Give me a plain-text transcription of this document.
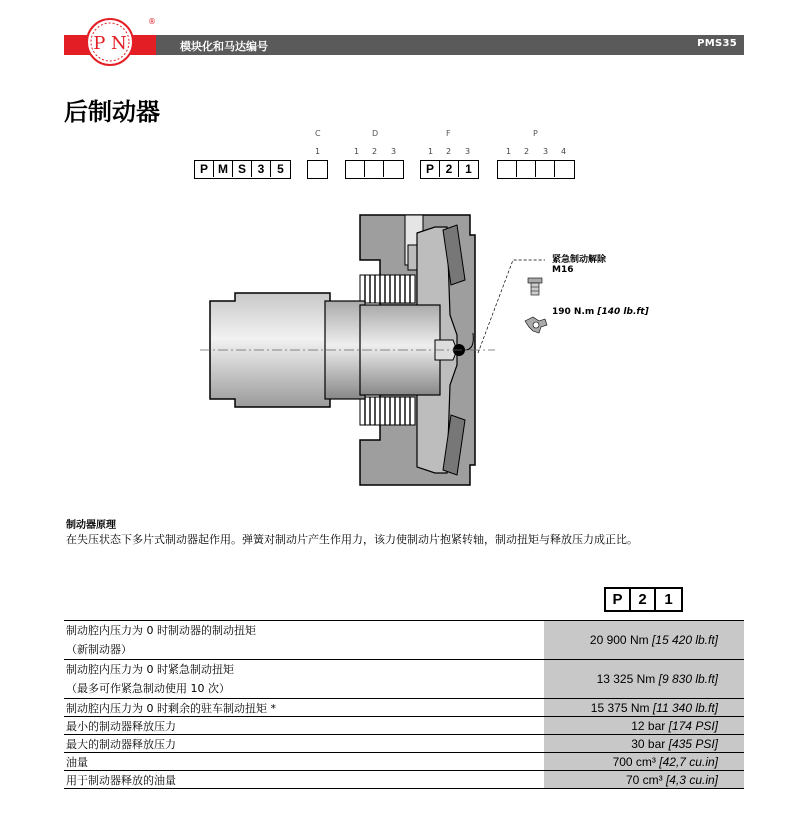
P N
®
模块化和马达编号	PMS35
后制动器
C	D	F	P
1	1 2 3	1 2 3	1 2 3 4
P M S 3	5	P 2	1
紧急制动解除
M16
190 N.m [140 lb.ft]
制动器原理
在失压状态下多片式制动器起作用。弹簧对制动片产生作用力，该力使制动片抱紧转轴，制动扭矩与释放压力成正比。
P	2	1
制动腔内压力为 0 时制动器的制动扭矩
（新制动器）	20 900 Nm [15 420 lb.ft]

制动腔内压力为 0 时紧急制动扭矩
（最多可作紧急制动使用 10 次）	13 325 Nm [9 830 lb.ft]
制动腔内压力为 0 时剩余的驻车制动扭矩 *	15 375 Nm [11 340 lb.ft]
最小的制动器释放压力	12 bar [174 PSI]
最大的制动器释放压力	30 bar [435 PSI]
油量	700 cm³ [42,7 cu.in]
用于制动器释放的油量	70 cm³ [4,3 cu.in]
